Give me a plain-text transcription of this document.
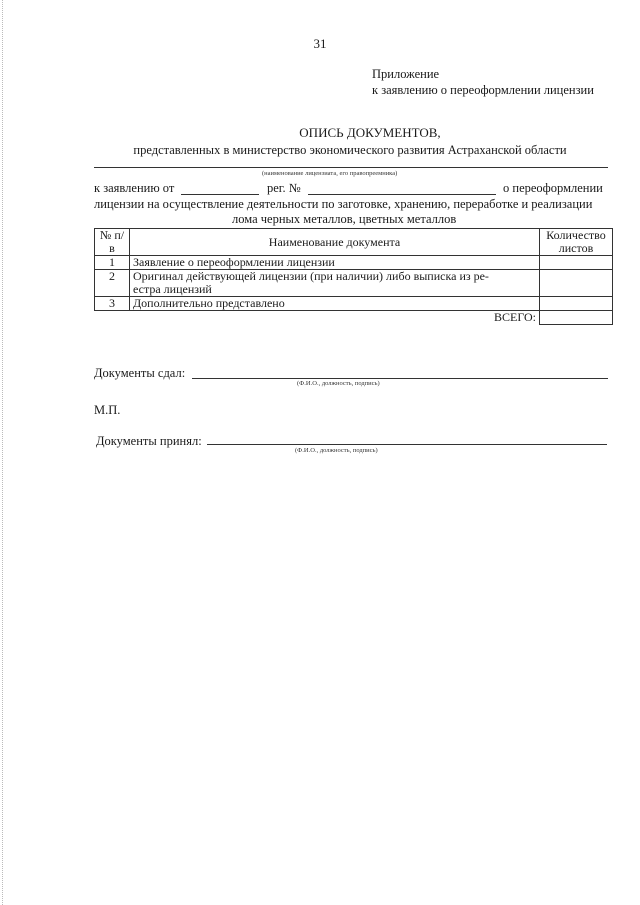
31
Приложение
к заявлению о переоформлении лицензии
ОПИСЬ ДОКУМЕНТОВ,
представленных в министерство экономического развития Астраханской области
(наименование лицензиата, его правопреемника)
к заявлению от	рег. №	о переоформлении
лицензии на осуществление деятельности по заготовке, хранению, переработке и реализации
лома черных металлов, цветных металлов
№ п/в	Наименование документа	Количество листов
1	Заявление о переоформлении лицензии	
2	Оригинал действующей лицензии (при наличии) либо выписка из ре-
естра лицензий	
3	Дополнительно представлено	
	ВСЕГО:	
Документы сдал:
(Ф.И.О., должность, подпись)
М.П.
Документы принял:
(Ф.И.О., должность, подпись)
